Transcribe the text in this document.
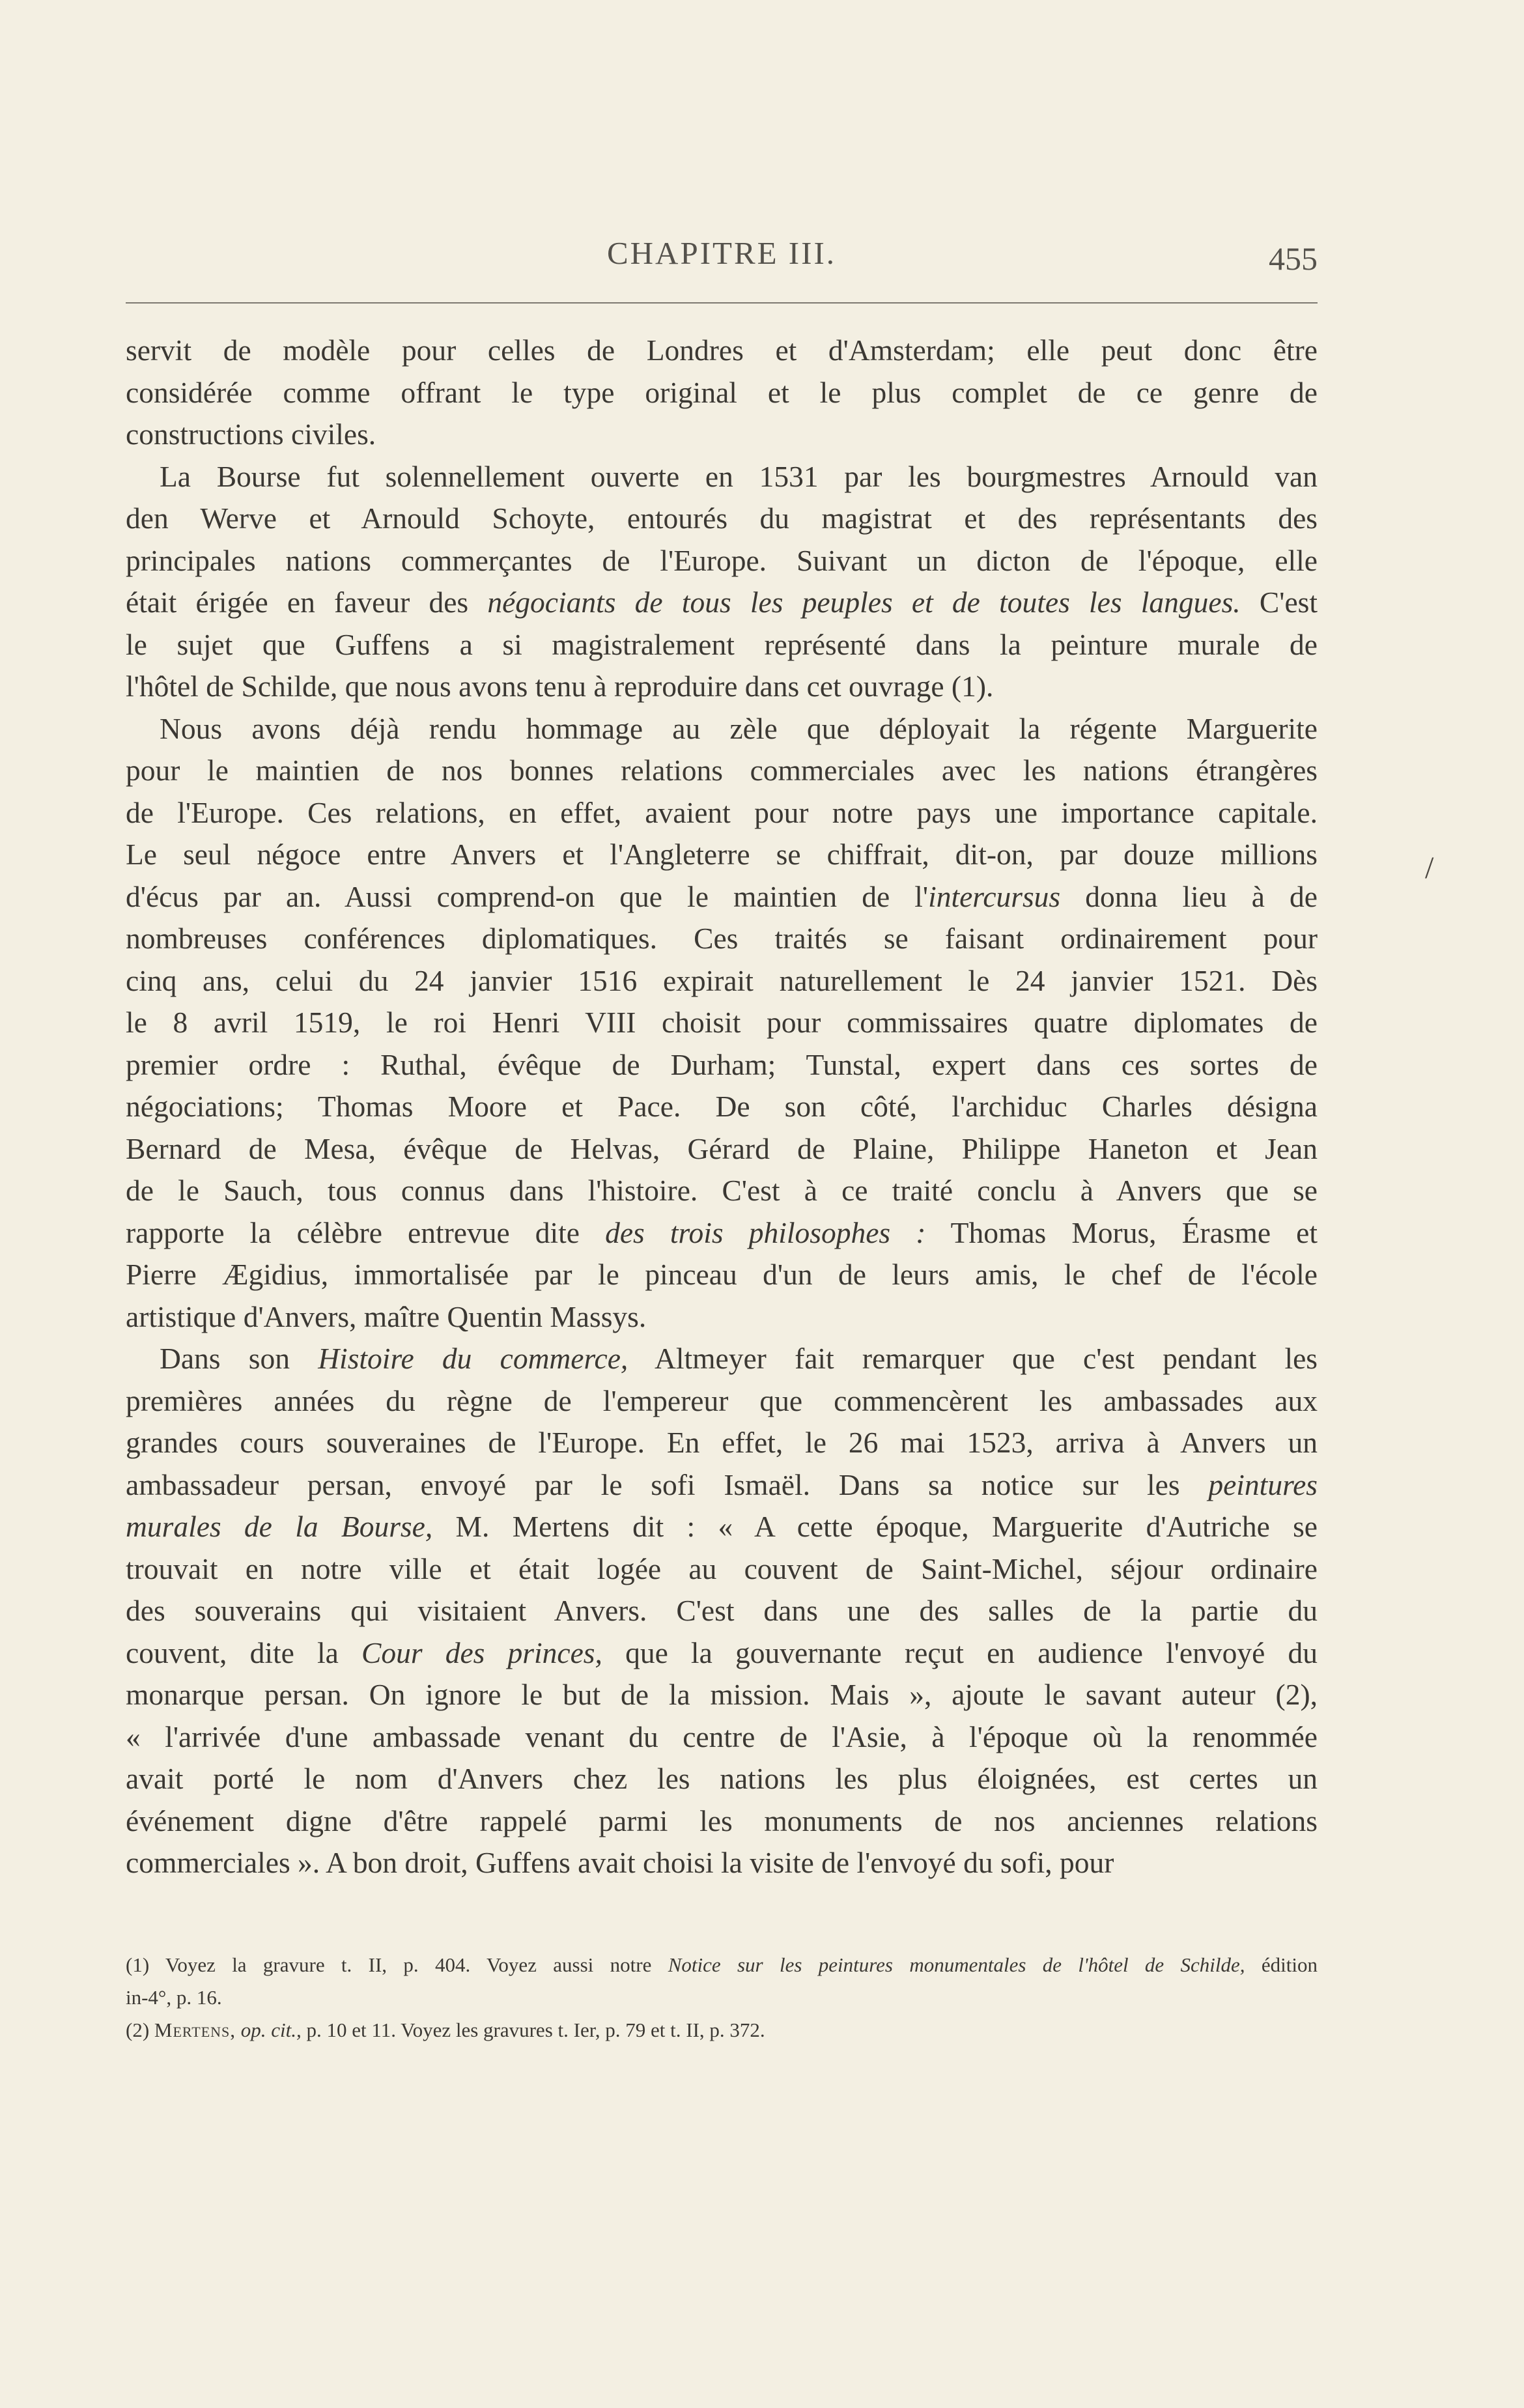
CHAPITRE III.	455
servit de modèle pour celles de Londres et d'Amsterdam; elle peut donc être
considérée comme offrant le type original et le plus complet de ce genre de
constructions civiles.
La Bourse fut solennellement ouverte en 1531 par les bourgmestres Arnould van
den Werve et Arnould Schoyte, entourés du magistrat et des représentants des
principales nations commerçantes de l'Europe. Suivant un dicton de l'époque, elle
était érigée en faveur des négociants de tous les peuples et de toutes les langues. C'est
le sujet que Guffens a si magistralement représenté dans la peinture murale de
l'hôtel de Schilde, que nous avons tenu à reproduire dans cet ouvrage (1).
Nous avons déjà rendu hommage au zèle que déployait la régente Marguerite
pour le maintien de nos bonnes relations commerciales avec les nations étrangères
de l'Europe. Ces relations, en effet, avaient pour notre pays une importance capitale.
Le seul négoce entre Anvers et l'Angleterre se chiffrait, dit-on, par douze millions
d'écus par an. Aussi comprend-on que le maintien de l'intercursus donna lieu à de
nombreuses conférences diplomatiques. Ces traités se faisant ordinairement pour
cinq ans, celui du 24 janvier 1516 expirait naturellement le 24 janvier 1521. Dès
le 8 avril 1519, le roi Henri VIII choisit pour commissaires quatre diplomates de
premier ordre : Ruthal, évêque de Durham; Tunstal, expert dans ces sortes de
négociations; Thomas Moore et Pace. De son côté, l'archiduc Charles désigna
Bernard de Mesa, évêque de Helvas, Gérard de Plaine, Philippe Haneton et Jean
de le Sauch, tous connus dans l'histoire. C'est à ce traité conclu à Anvers que se
rapporte la célèbre entrevue dite des trois philosophes : Thomas Morus, Érasme et
Pierre Ægidius, immortalisée par le pinceau d'un de leurs amis, le chef de l'école
artistique d'Anvers, maître Quentin Massys.
Dans son Histoire du commerce, Altmeyer fait remarquer que c'est pendant les
premières années du règne de l'empereur que commencèrent les ambassades aux
grandes cours souveraines de l'Europe. En effet, le 26 mai 1523, arriva à Anvers un
ambassadeur persan, envoyé par le sofi Ismaël. Dans sa notice sur les peintures
murales de la Bourse, M. Mertens dit : « A cette époque, Marguerite d'Autriche se
trouvait en notre ville et était logée au couvent de Saint-Michel, séjour ordinaire
des souverains qui visitaient Anvers. C'est dans une des salles de la partie du
couvent, dite la Cour des princes, que la gouvernante reçut en audience l'envoyé du
monarque persan. On ignore le but de la mission. Mais », ajoute le savant auteur (2),
« l'arrivée d'une ambassade venant du centre de l'Asie, à l'époque où la renommée
avait porté le nom d'Anvers chez les nations les plus éloignées, est certes un
événement digne d'être rappelé parmi les monuments de nos anciennes relations
commerciales ». A bon droit, Guffens avait choisi la visite de l'envoyé du sofi, pour
/
(1) Voyez la gravure t. II, p. 404. Voyez aussi notre Notice sur les peintures monumentales de l'hôtel de Schilde, édition
in-4°, p. 16.
(2) Mertens, op. cit., p. 10 et 11. Voyez les gravures t. Ier, p. 79 et t. II, p. 372.
